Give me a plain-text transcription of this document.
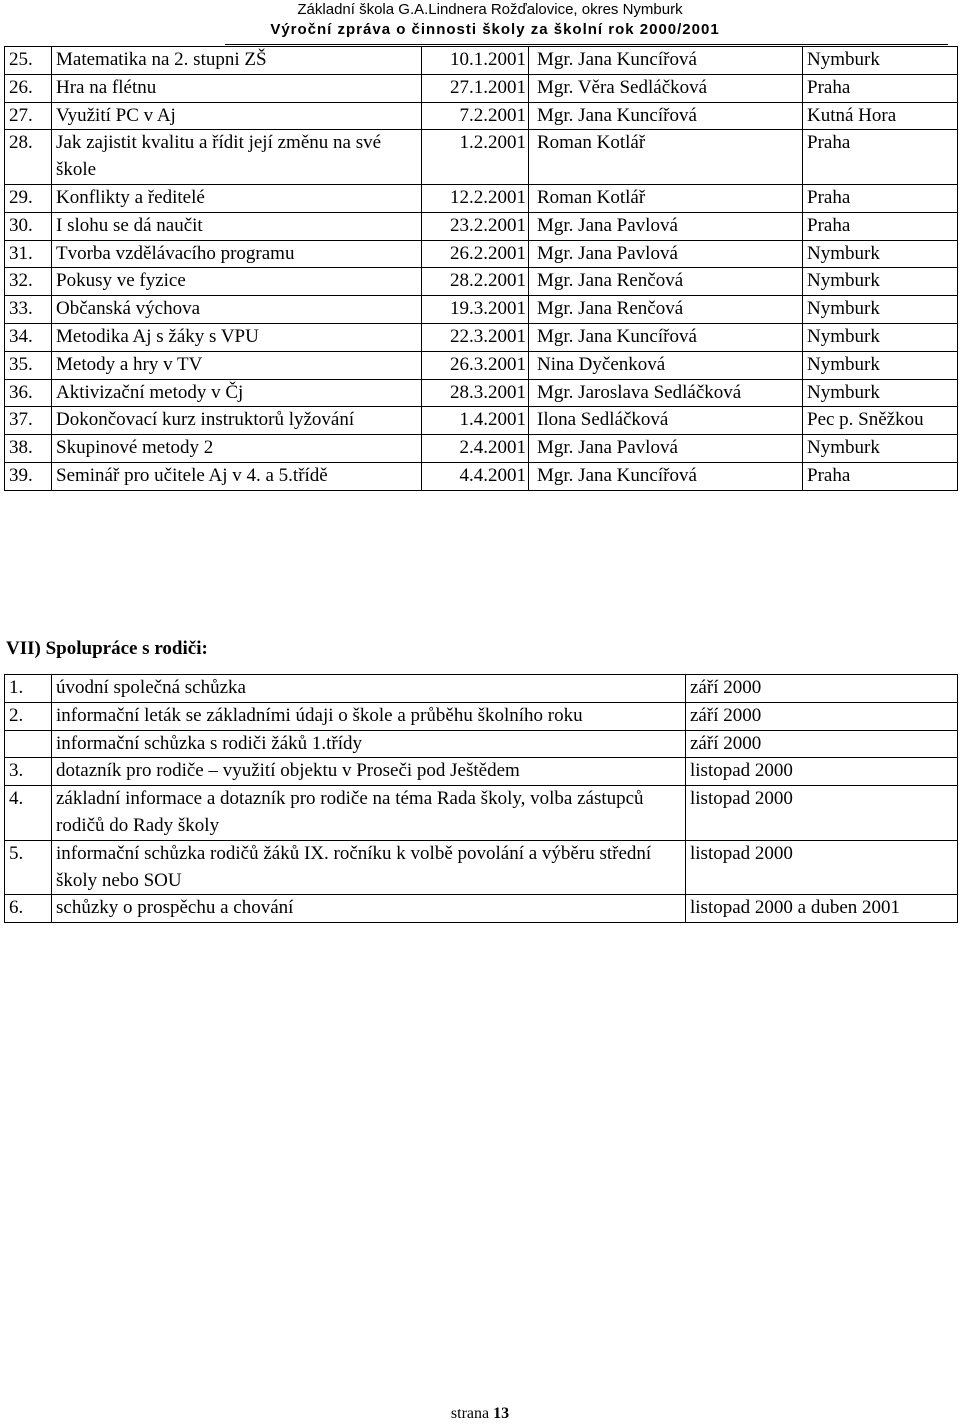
Základní škola G.A.Lindnera Rožďalovice, okres Nymburk
Výroční zpráva o činnosti školy za školní rok 2000/2001
25.	Matematika na 2. stupni ZŠ	10.1.2001	Mgr. Jana Kuncířová	Nymburk
26.	Hra na flétnu	27.1.2001	Mgr. Věra Sedláčková	Praha
27.	Využití PC v Aj	7.2.2001	Mgr. Jana Kuncířová	Kutná Hora
28.	Jak zajistit kvalitu a řídit její změnu na své škole	1.2.2001	Roman Kotlář	Praha
29.	Konflikty a ředitelé	12.2.2001	Roman Kotlář	Praha
30.	I slohu se dá naučit	23.2.2001	Mgr. Jana Pavlová	Praha
31.	Tvorba vzdělávacího programu	26.2.2001	Mgr. Jana Pavlová	Nymburk
32.	Pokusy ve fyzice	28.2.2001	Mgr. Jana Renčová	Nymburk
33.	Občanská výchova	19.3.2001	Mgr. Jana Renčová	Nymburk
34.	Metodika Aj s žáky s VPU	22.3.2001	Mgr. Jana Kuncířová	Nymburk
35.	Metody a hry v TV	26.3.2001	Nina Dyčenková	Nymburk
36.	Aktivizační metody v Čj	28.3.2001	Mgr. Jaroslava Sedláčková	Nymburk
37.	Dokončovací kurz instruktorů lyžování	1.4.2001	Ilona Sedláčková	Pec p. Sněžkou
38.	Skupinové metody 2	2.4.2001	Mgr. Jana Pavlová	Nymburk
39.	Seminář pro učitele Aj v 4. a 5.třídě	4.4.2001	Mgr. Jana Kuncířová	Praha
VII) Spolupráce s rodiči:
1.	úvodní společná schůzka	září 2000
2.	informační leták se základními údaji o škole a průběhu školního roku	září 2000
	informační schůzka s rodiči žáků 1.třídy	září 2000
3.	dotazník pro rodiče – využití objektu v Proseči pod Ještědem	listopad 2000
4.	základní informace a dotazník pro rodiče na téma Rada školy, volba zástupců rodičů do Rady školy	listopad 2000
5.	informační schůzka rodičů žáků IX. ročníku k volbě povolání a výběru střední školy nebo SOU	listopad 2000
6.	schůzky o prospěchu a chování	listopad 2000 a duben 2001
strana 13
